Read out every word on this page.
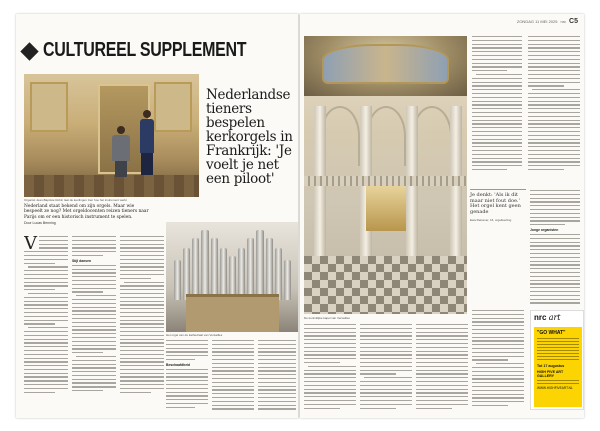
CULTUREEL SUPPLEMENT
Organist Jean-Baptiste Robin laat de leerlingen zien hoe het instrument werkt
Nederlandse tieners bespelen kerkorgels in Frankrijk: 'Je voelt je net een piloot'
Nederland staat bekend om zijn orgels. Maar wie bespeelt ze nog? Met orgeldocenten reizen tieners naar Parijs om er een historisch instrument te spelen.
Door Lucas Benning
V
Stijl dansen
Het orgel van de kathedraal van Versailles
Beschaafdheid
ZONDAG 11 MEI 2025 nrc C5
De koninklijke kapel van Versailles
Je denkt: 'Als ik dit maar niet fout doe.' Het orgel kent geen genade
Ewa Reissner, 16, orgelleerling
Jonge organisten
nrc art
"GO WHAT"
Tot 17 augustus
HIGH FIVE ART GALLERY
WWW.HIGHFIVEART.NL
